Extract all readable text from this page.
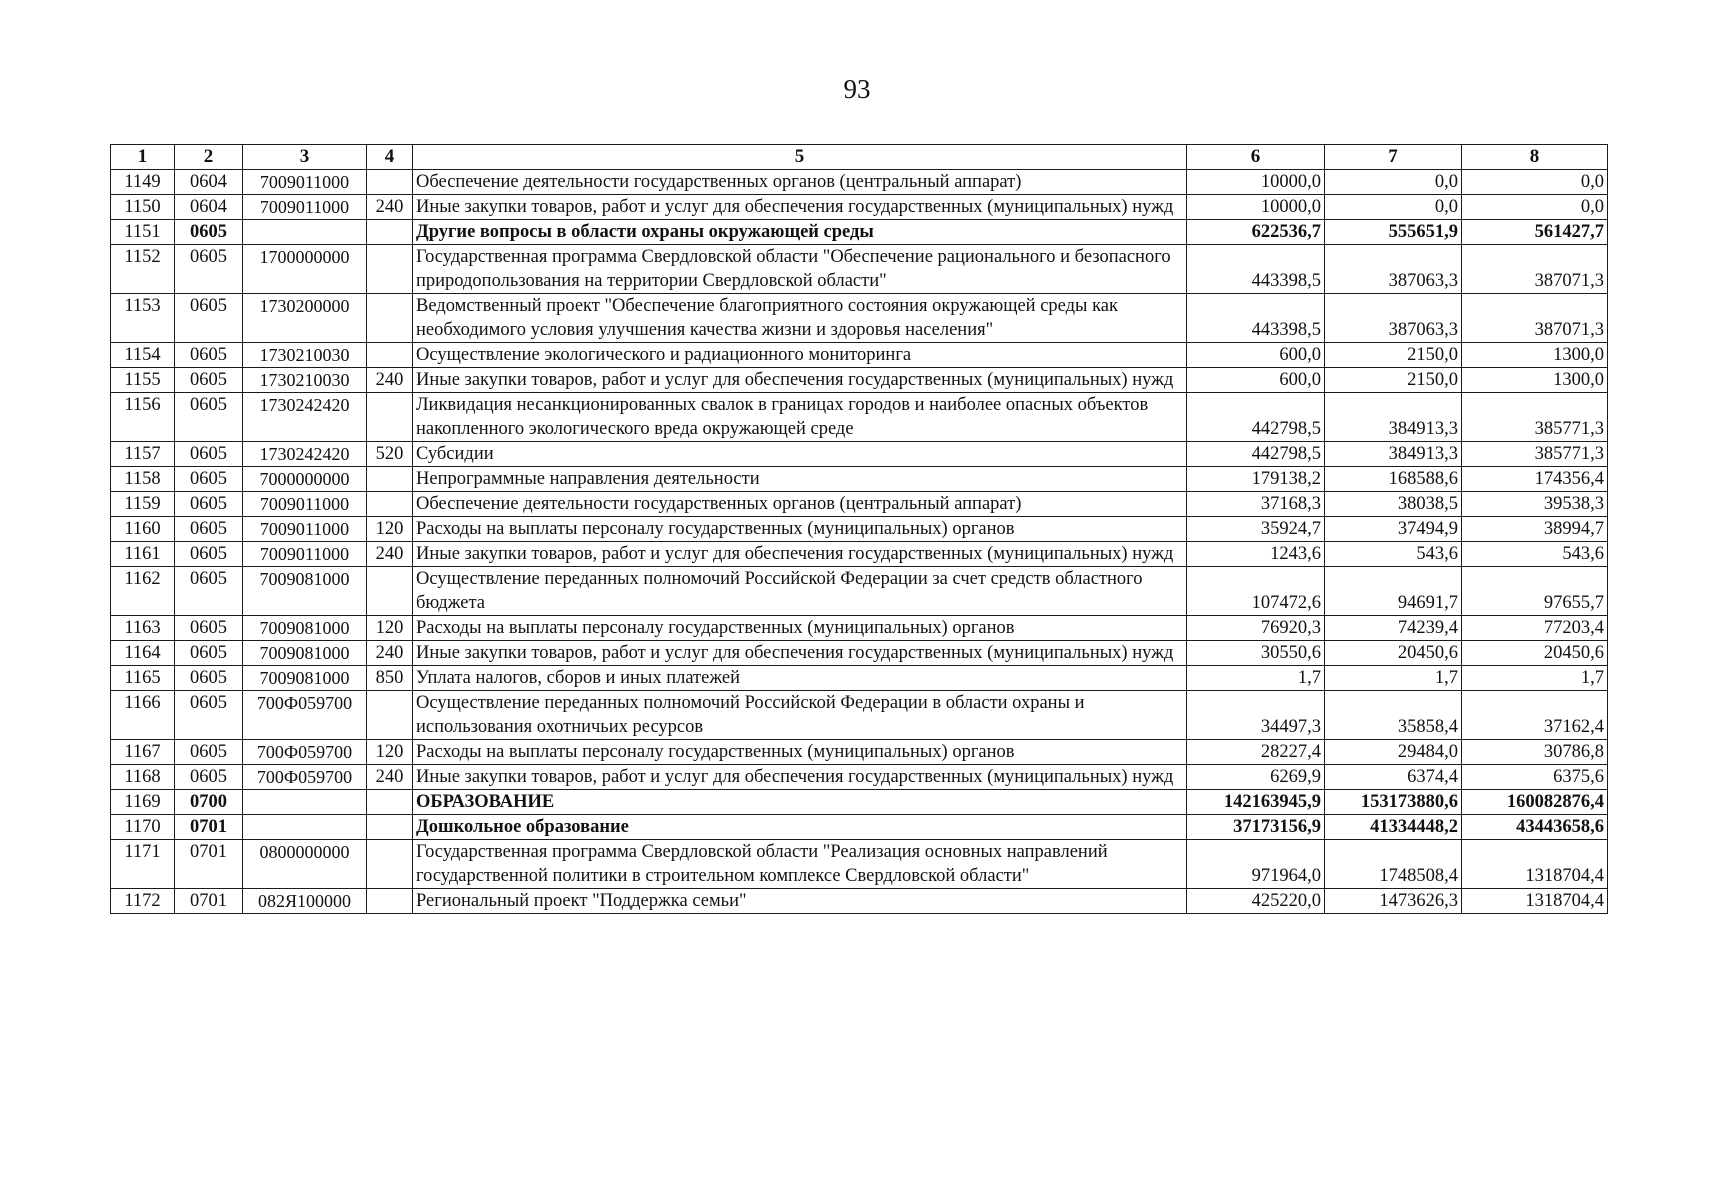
93
1	2	3	4	5	6	7	8
1149	0604	7009011000		Обеспечение деятельности государственных органов (центральный аппарат)	10000,0	0,0	0,0
1150	0604	7009011000	240	Иные закупки товаров, работ и услуг для обеспечения государственных (муниципальных) нужд	10000,0	0,0	0,0
1151	0605			Другие вопросы в области охраны окружающей среды	622536,7	555651,9	561427,7
1152	0605	1700000000		Государственная программа Свердловской области "Обеспечение рационального и безопасного природопользования на территории Свердловской области"	443398,5	387063,3	387071,3
1153	0605	1730200000		Ведомственный проект "Обеспечение благоприятного состояния окружающей среды как необходимого условия улучшения качества жизни и здоровья населения"	443398,5	387063,3	387071,3
1154	0605	1730210030		Осуществление экологического и радиационного мониторинга	600,0	2150,0	1300,0
1155	0605	1730210030	240	Иные закупки товаров, работ и услуг для обеспечения государственных (муниципальных) нужд	600,0	2150,0	1300,0
1156	0605	1730242420		Ликвидация несанкционированных свалок в границах городов и наиболее опасных объектов накопленного экологического вреда окружающей среде	442798,5	384913,3	385771,3
1157	0605	1730242420	520	Субсидии	442798,5	384913,3	385771,3
1158	0605	7000000000		Непрограммные направления деятельности	179138,2	168588,6	174356,4
1159	0605	7009011000		Обеспечение деятельности государственных органов (центральный аппарат)	37168,3	38038,5	39538,3
1160	0605	7009011000	120	Расходы на выплаты персоналу государственных (муниципальных) органов	35924,7	37494,9	38994,7
1161	0605	7009011000	240	Иные закупки товаров, работ и услуг для обеспечения государственных (муниципальных) нужд	1243,6	543,6	543,6
1162	0605	7009081000		Осуществление переданных полномочий Российской Федерации за счет средств областного бюджета	107472,6	94691,7	97655,7
1163	0605	7009081000	120	Расходы на выплаты персоналу государственных (муниципальных) органов	76920,3	74239,4	77203,4
1164	0605	7009081000	240	Иные закупки товаров, работ и услуг для обеспечения государственных (муниципальных) нужд	30550,6	20450,6	20450,6
1165	0605	7009081000	850	Уплата налогов, сборов и иных платежей	1,7	1,7	1,7
1166	0605	700Ф059700		Осуществление переданных полномочий Российской Федерации в области охраны и использования охотничьих ресурсов	34497,3	35858,4	37162,4
1167	0605	700Ф059700	120	Расходы на выплаты персоналу государственных (муниципальных) органов	28227,4	29484,0	30786,8
1168	0605	700Ф059700	240	Иные закупки товаров, работ и услуг для обеспечения государственных (муниципальных) нужд	6269,9	6374,4	6375,6
1169	0700			ОБРАЗОВАНИЕ	142163945,9	153173880,6	160082876,4
1170	0701			Дошкольное образование	37173156,9	41334448,2	43443658,6
1171	0701	0800000000		Государственная программа Свердловской области "Реализация основных направлений государственной политики в строительном комплексе Свердловской области"	971964,0	1748508,4	1318704,4
1172	0701	082Я100000		Региональный проект "Поддержка семьи"	425220,0	1473626,3	1318704,4
